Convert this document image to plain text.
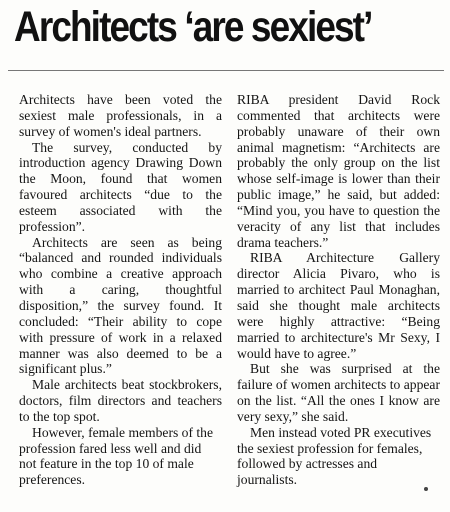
Architects ‘are sexiest’

Architects have been voted the sexiest male professionals, in a survey of women's ideal partners.

The survey, conducted by introduction agency Drawing Down the Moon, found that women favoured architects “due to the esteem associated with the profession”.

Architects are seen as being “balanced and rounded individuals who combine a creative approach with a caring, thoughtful disposition,” the survey found. It concluded: “Their ability to cope with pressure of work in a relaxed manner was also deemed to be a significant plus.”

Male architects beat stockbrokers, doctors, film directors and teachers to the top spot.

However, female members of the profession fared less well and did not feature in the top 10 of male preferences.

RIBA president David Rock commented that architects were probably unaware of their own animal magnetism: “Architects are probably the only group on the list whose self-image is lower than their public image,” he said, but added: “Mind you, you have to question the veracity of any list that includes drama teachers.”

RIBA Architecture Gallery director Alicia Pivaro, who is married to architect Paul Monaghan, said she thought male architects were highly attractive: “Being married to architecture's Mr Sexy, I would have to agree.”

But she was surprised at the failure of women architects to appear on the list. “All the ones I know are very sexy,” she said.

Men instead voted PR executives the sexiest profession for females, followed by actresses and journalists.
